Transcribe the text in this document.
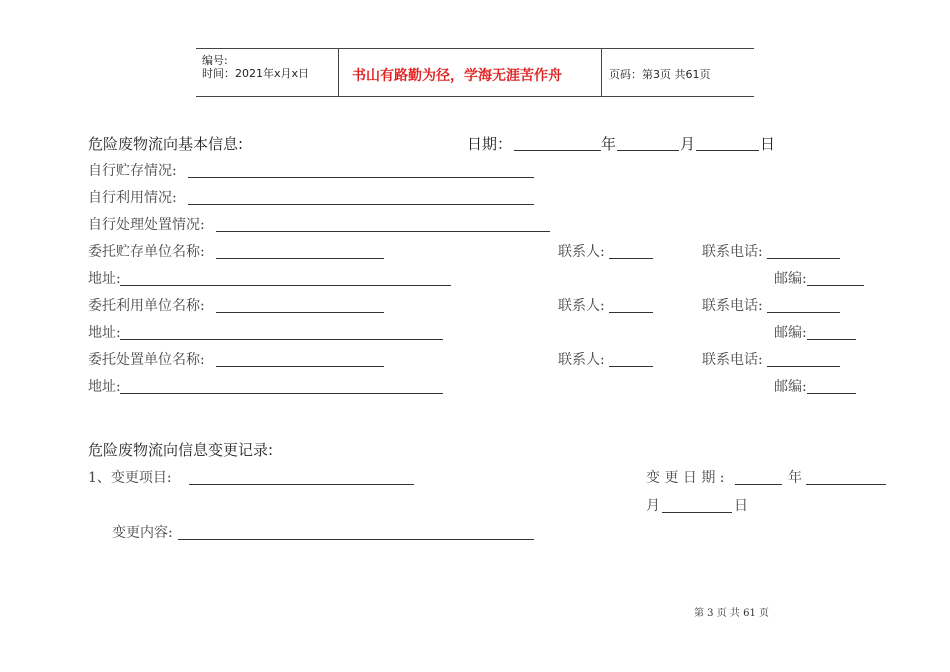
编号:
时间：2021年x月x日	书山有路勤为径，学海无涯苦作舟	页码：第3页 共61页
危险废物流向基本信息:	日期：	年	月	日
自行贮存情况:
自行利用情况:
自行处理处置情况:
委托贮存单位名称:	联系人:	联系电话:
地址:	邮编:
委托利用单位名称:	联系人:	联系电话:
地址:	邮编:
委托处置单位名称:	联系人:	联系电话:
地址:	邮编:
危险废物流向信息变更记录:
1、变更项目:	变 更 日 期 :	年
月	日
变更内容:
第 3 页 共 61 页
